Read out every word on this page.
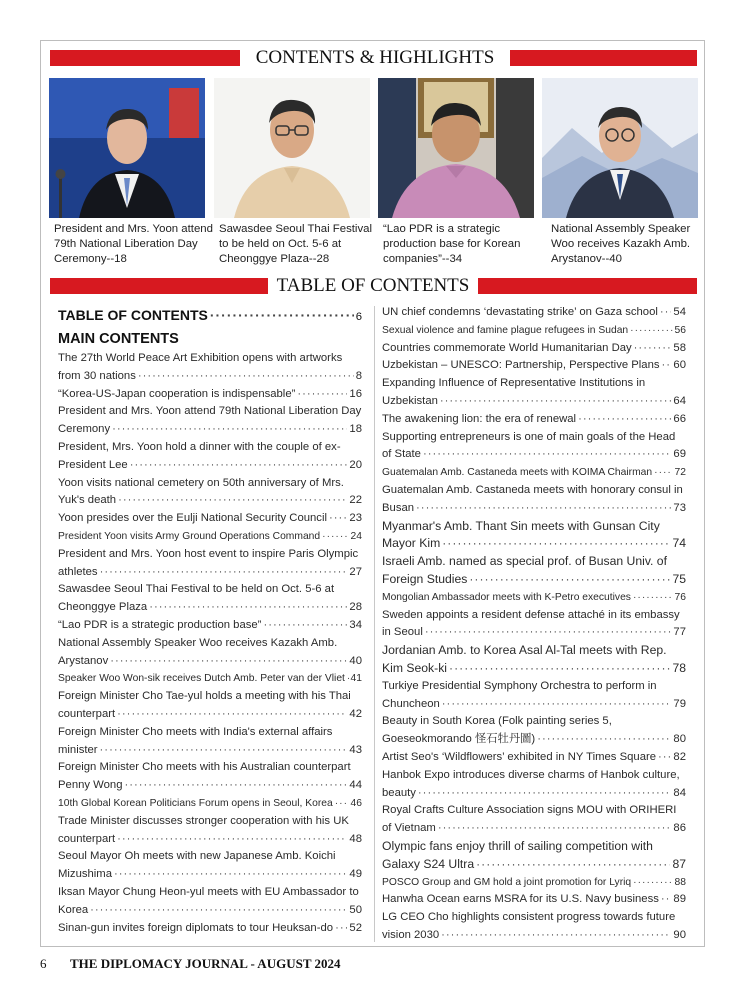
CONTENTS & HIGHLIGHTS
President and Mrs. Yoon attend 79th National Liberation Day Ceremony--18
Sawasdee Seoul Thai Festival to be held on Oct. 5-6 at Cheonggye Plaza--28
“Lao PDR is a strategic production base for Korean companies”--34
National Assembly Speaker Woo receives Kazakh Amb. Arystanov--40
TABLE OF CONTENTS
TABLE OF CONTENTS ·····	6
MAIN CONTENTS
The 27th World Peace Art Exhibition opens with artworks
from 30 nations ·····	8
“Korea-US-Japan cooperation is indispensable” ·····	16
President and Mrs. Yoon attend 79th National Liberation Day
Ceremony ·····	18
President, Mrs. Yoon hold a dinner with the couple of ex-
President Lee ·····	20
Yoon visits national cemetery on 50th anniversary of Mrs.
Yuk's death ·····	22
Yoon presides over the Eulji National Security Council ····· 23
President Yoon visits Army Ground Operations Command ·····	24
President and Mrs. Yoon host event to inspire Paris Olympic
athletes ·····	27
Sawasdee Seoul Thai Festival to be held on Oct. 5-6 at
Cheonggye Plaza ·····	28
“Lao PDR is a strategic production base” ·····	34
National Assembly Speaker Woo receives Kazakh Amb.
Arystanov ·····	40
Speaker Woo Won-sik receives Dutch Amb. Peter van der Vliet ····· 41
Foreign Minister Cho Tae-yul holds a meeting with his Thai
counterpart ·····	42
Foreign Minister Cho meets with India's external affairs
minister ·····	43
Foreign Minister Cho meets with his Australian counterpart
Penny Wong ·····	44
10th Global Korean Politicians Forum opens in Seoul, Korea ····· 46
Trade Minister discusses stronger cooperation with his UK
counterpart ·····	48
Seoul Mayor Oh meets with new Japanese Amb. Koichi
Mizushima ·····	49
Iksan Mayor Chung Heon-yul meets with EU Ambassador to
Korea ·····	50
Sinan-gun invites foreign diplomats to tour Heuksan-do ····· 52
UN chief condemns ‘devastating strike’ on Gaza school ····· 54
Sexual violence and famine plague refugees in Sudan ·····	56
Countries commemorate World Humanitarian Day ·····	58
Uzbekistan – UNESCO: Partnership, Perspective Plans ····· 60
Expanding Influence of Representative Institutions in
Uzbekistan ·····	64
The awakening lion: the era of renewal ·····	66
Supporting entrepreneurs is one of main goals of the Head
of State ·····	69
Guatemalan Amb. Castaneda meets with KOIMA Chairman ····· 72
Guatemalan Amb. Castaneda meets with honorary consul in
Busan ·····	73
Myanmar's Amb. Thant Sin meets with Gunsan City
Mayor Kim ·····	74
Israeli Amb. named as special prof. of Busan Univ. of
Foreign Studies ·····	75
Mongolian Ambassador meets with K-Petro executives ·····	76
Sweden appoints a resident defense attaché in its embassy
in Seoul ·····	77
Jordanian Amb. to Korea Asal Al-Tal meets with Rep.
Kim Seok-ki ·····	78
Turkiye Presidential Symphony Orchestra to perform in
Chuncheon ·····	79
Beauty in South Korea (Folk painting series 5,
Goeseokmorando 怪石牡丹圖) ·····	80
Artist Seo's ‘Wildflowers’ exhibited in NY Times Square ····· 82
Hanbok Expo introduces diverse charms of Hanbok culture,
beauty ·····	84
Royal Crafts Culture Association signs MOU with ORIHERI
of Vietnam ·····	86
Olympic fans enjoy thrill of sailing competition with
Galaxy S24 Ultra ·····	87
POSCO Group and GM hold a joint promotion for Lyriq ·····	88
Hanwha Ocean earns MSRA for its U.S. Navy business ····· 89
LG CEO Cho highlights consistent progress towards future
vision 2030 ·····	90
6 THE DIPLOMACY JOURNAL - AUGUST 2024
